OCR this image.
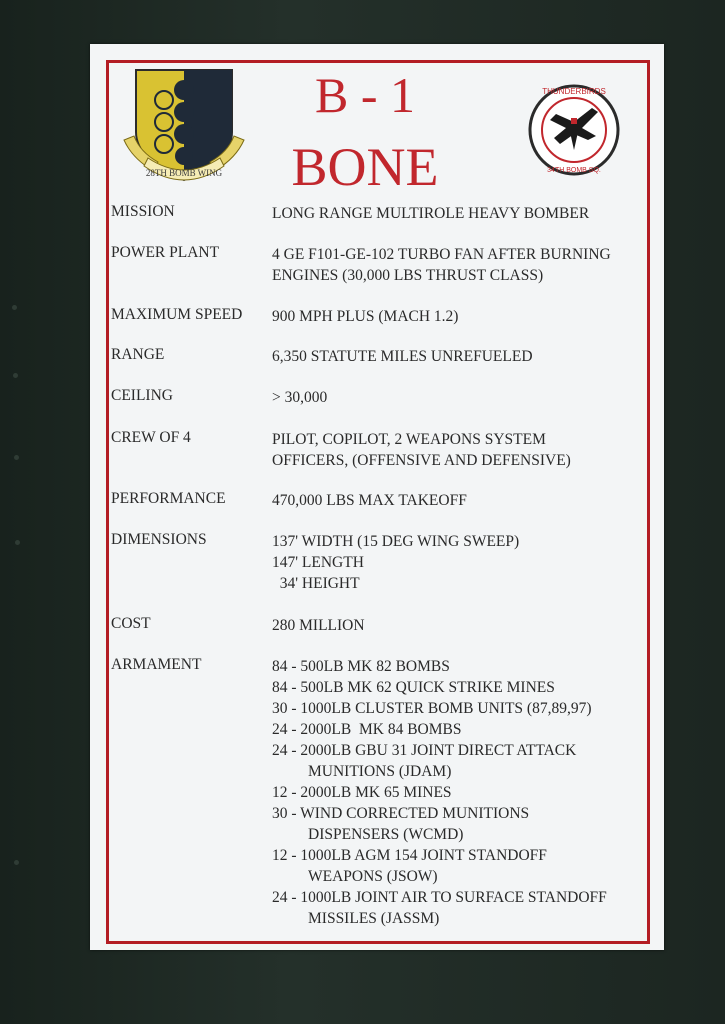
28TH BOMB WING
THUNDERBIRDS
34TH BOMB SQ.
B - 1
BONE
MISSION	LONG RANGE MULTIROLE HEAVY BOMBER
POWER PLANT	4 GE F101-GE-102 TURBO FAN AFTER BURNING
ENGINES (30,000 LBS THRUST CLASS)
MAXIMUM SPEED	900 MPH PLUS (MACH 1.2)
RANGE	6,350 STATUTE MILES UNREFUELED
CEILING	> 30,000
CREW OF 4	PILOT, COPILOT, 2 WEAPONS SYSTEM
OFFICERS, (OFFENSIVE AND DEFENSIVE)
PERFORMANCE	470,000 LBS MAX TAKEOFF
DIMENSIONS	137' WIDTH (15 DEG WING SWEEP)
147' LENGTH
34' HEIGHT
COST	280 MILLION
ARMAMENT	84 - 500LB MK 82 BOMBS
84 - 500LB MK 62 QUICK STRIKE MINES
30 - 1000LB CLUSTER BOMB UNITS (87,89,97)
24 - 2000LB  MK 84 BOMBS
24 - 2000LB GBU 31 JOINT DIRECT ATTACK
MUNITIONS (JDAM)
12 - 2000LB MK 65 MINES
30 - WIND CORRECTED MUNITIONS
DISPENSERS (WCMD)
12 - 1000LB AGM 154 JOINT STANDOFF
WEAPONS (JSOW)
24 - 1000LB JOINT AIR TO SURFACE STANDOFF
MISSILES (JASSM)
